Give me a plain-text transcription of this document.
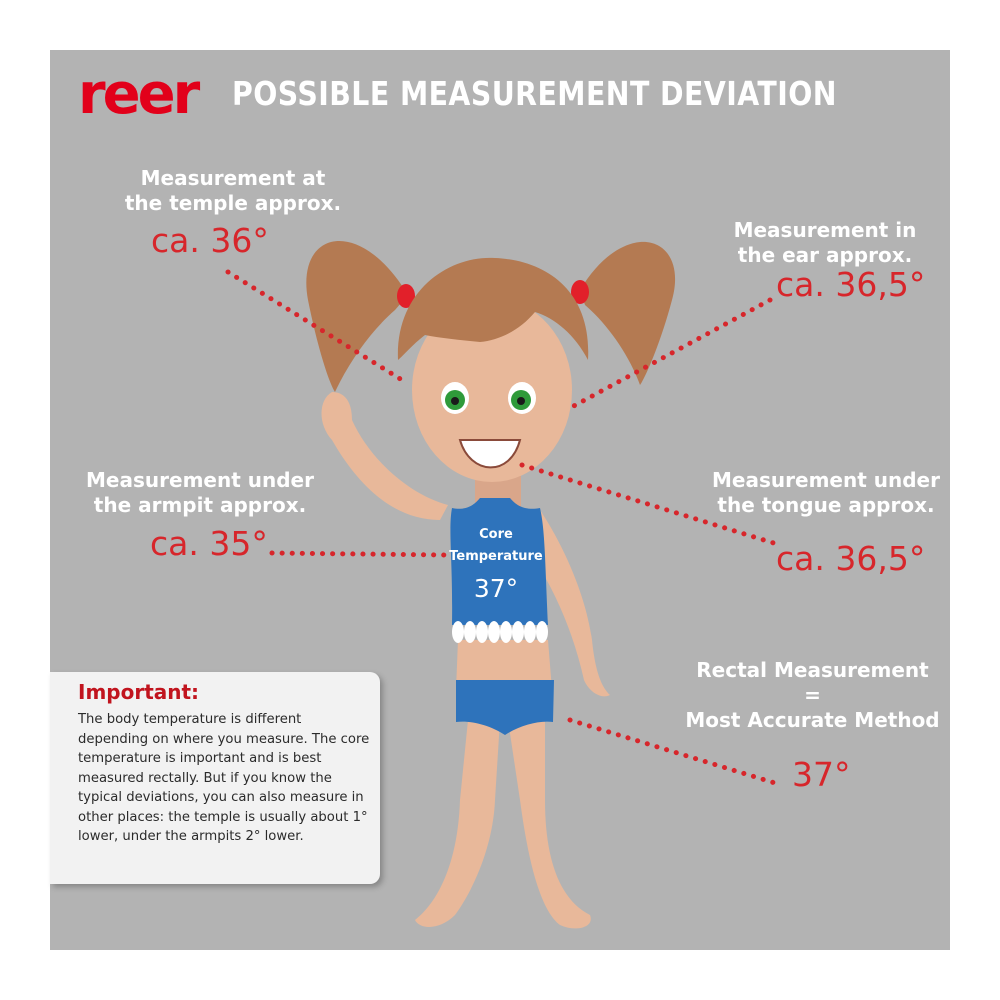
reer POSSIBLE MEASUREMENT DEVIATION
Measurement at
the temple approx.
ca. 36°	Measurement in
the ear approx.
ca. 36,5°
Measurement under
the armpit approx.
ca. 35°
Measurement under
the tongue approx.
ca. 36,5°
Rectal Measurement
=
Most Accurate Method
37°
Core
Temperature
37°
Important:
The body temperature is different depending on where you measure. The core temperature is important and is best measured rectally. But if you know the typical deviations, you can also measure in other places: the temple is usually about 1° lower, under the armpits 2° lower.
